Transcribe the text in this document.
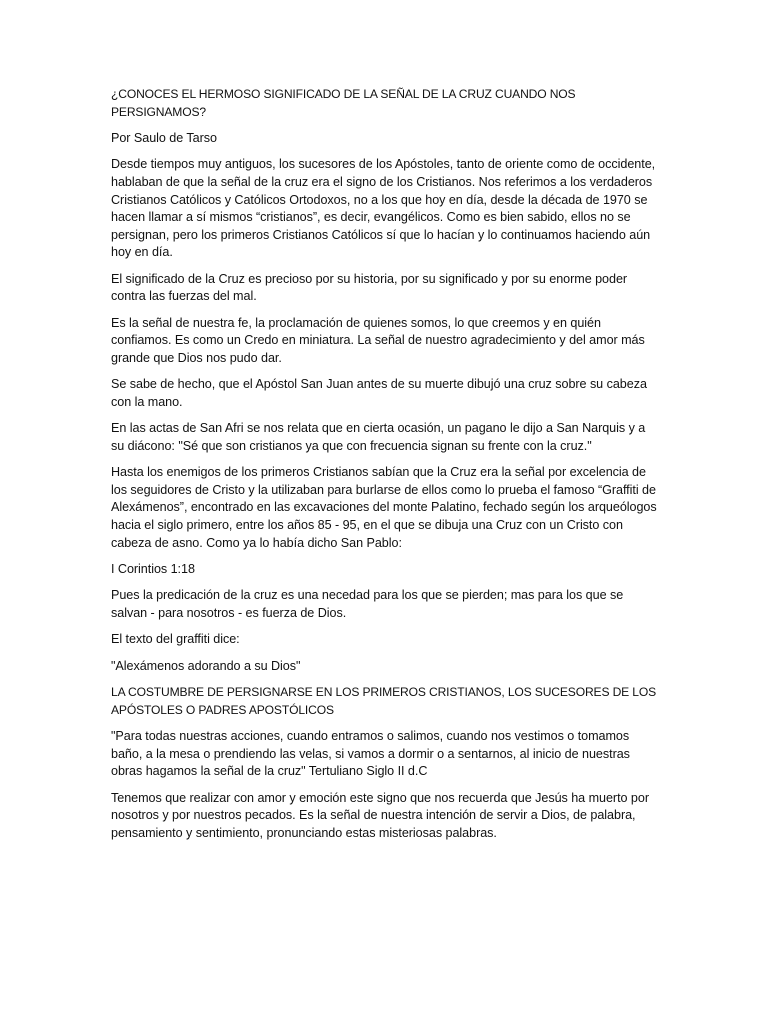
¿CONOCES EL HERMOSO SIGNIFICADO DE LA SEÑAL DE LA CRUZ CUANDO NOS PERSIGNAMOS?

Por Saulo de Tarso

Desde tiempos muy antiguos, los sucesores de los Apóstoles, tanto de oriente como de occidente, hablaban de que la señal de la cruz era el signo de los Cristianos. Nos referimos a los verdaderos Cristianos Católicos y Católicos Ortodoxos, no a los que hoy en día, desde la década de 1970 se hacen llamar a sí mismos “cristianos”, es decir, evangélicos. Como es bien sabido, ellos no se persignan, pero los primeros Cristianos Católicos sí que lo hacían y lo continuamos haciendo aún hoy en día.

El significado de la Cruz es precioso por su historia, por su significado y por su enorme poder contra las fuerzas del mal.

Es la señal de nuestra fe, la proclamación de quienes somos, lo que creemos y en quién confiamos. Es como un Credo en miniatura. La señal de nuestro agradecimiento y del amor más grande que Dios nos pudo dar.

Se sabe de hecho, que el Apóstol San Juan antes de su muerte dibujó una cruz sobre su cabeza con la mano.

En las actas de San Afri se nos relata que en cierta ocasión, un pagano le dijo a San Narquis y a su diácono: "Sé que son cristianos ya que con frecuencia signan su frente con la cruz."

Hasta los enemigos de los primeros Cristianos sabían que la Cruz era la señal por excelencia de los seguidores de Cristo y la utilizaban para burlarse de ellos como lo prueba el famoso “Graffiti de Alexámenos”, encontrado en las excavaciones del monte Palatino, fechado según los arqueólogos hacia el siglo primero, entre los años 85 - 95, en el que se dibuja una Cruz con un Cristo con cabeza de asno. Como ya lo había dicho San Pablo:

I Corintios 1:18

Pues la predicación de la cruz es una necedad para los que se pierden; mas para los que se salvan - para nosotros - es fuerza de Dios.

El texto del graffiti dice:

"Alexámenos adorando a su Dios"

LA COSTUMBRE DE PERSIGNARSE EN LOS PRIMEROS CRISTIANOS, LOS SUCESORES DE LOS APÓSTOLES O PADRES APOSTÓLICOS

"Para todas nuestras acciones, cuando entramos o salimos, cuando nos vestimos o tomamos baño, a la mesa o prendiendo las velas, si vamos a dormir o a sentarnos, al inicio de nuestras obras hagamos la señal de la cruz" Tertuliano Siglo II d.C

Tenemos que realizar con amor y emoción este signo que nos recuerda que Jesús ha muerto por nosotros y por nuestros pecados. Es la señal de nuestra intención de servir a Dios, de palabra, pensamiento y sentimiento, pronunciando estas misteriosas palabras.
